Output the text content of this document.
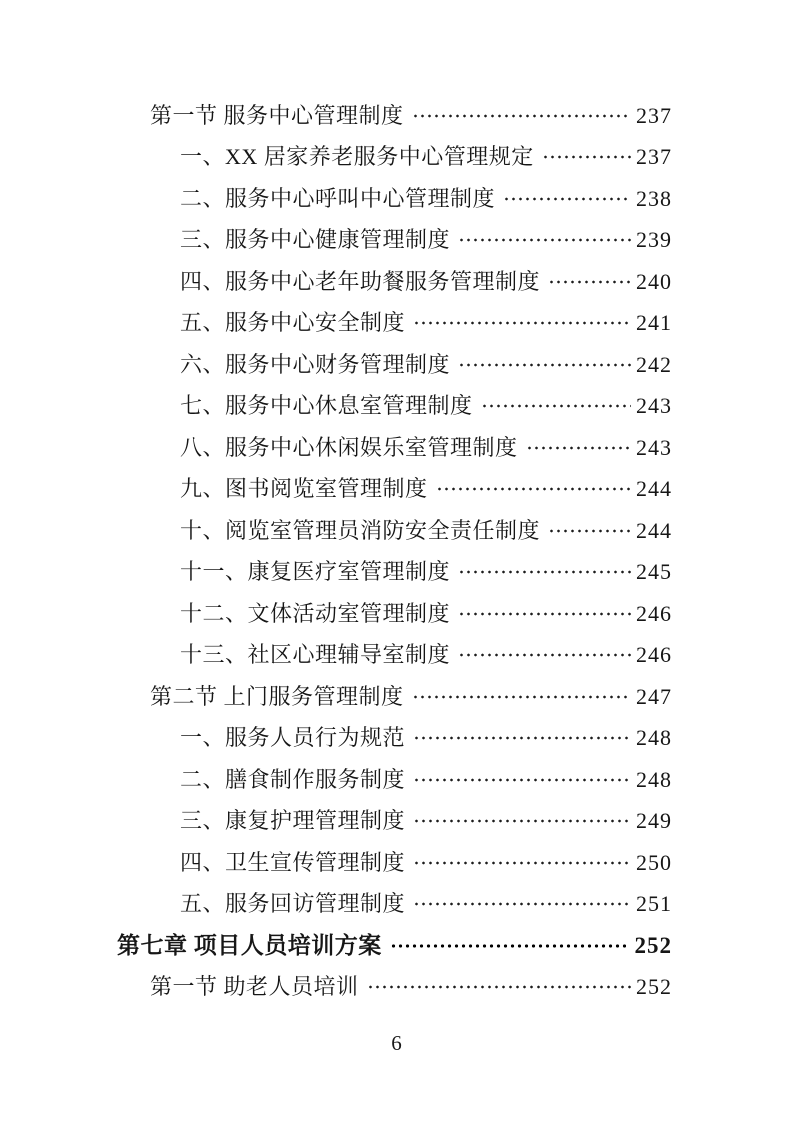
第一节 服务中心管理制度	237
一、XX 居家养老服务中心管理规定	237
二、服务中心呼叫中心管理制度	238
三、服务中心健康管理制度	239
四、服务中心老年助餐服务管理制度	240
五、服务中心安全制度	241
六、服务中心财务管理制度	242
七、服务中心休息室管理制度	243
八、服务中心休闲娱乐室管理制度	243
九、图书阅览室管理制度	244
十、阅览室管理员消防安全责任制度	244
十一、康复医疗室管理制度	245
十二、文体活动室管理制度	246
十三、社区心理辅导室制度	246
第二节 上门服务管理制度	247
一、服务人员行为规范	248
二、膳食制作服务制度	248
三、康复护理管理制度	249
四、卫生宣传管理制度	250
五、服务回访管理制度	251
第七章 项目人员培训方案	252
第一节 助老人员培训	252
6
